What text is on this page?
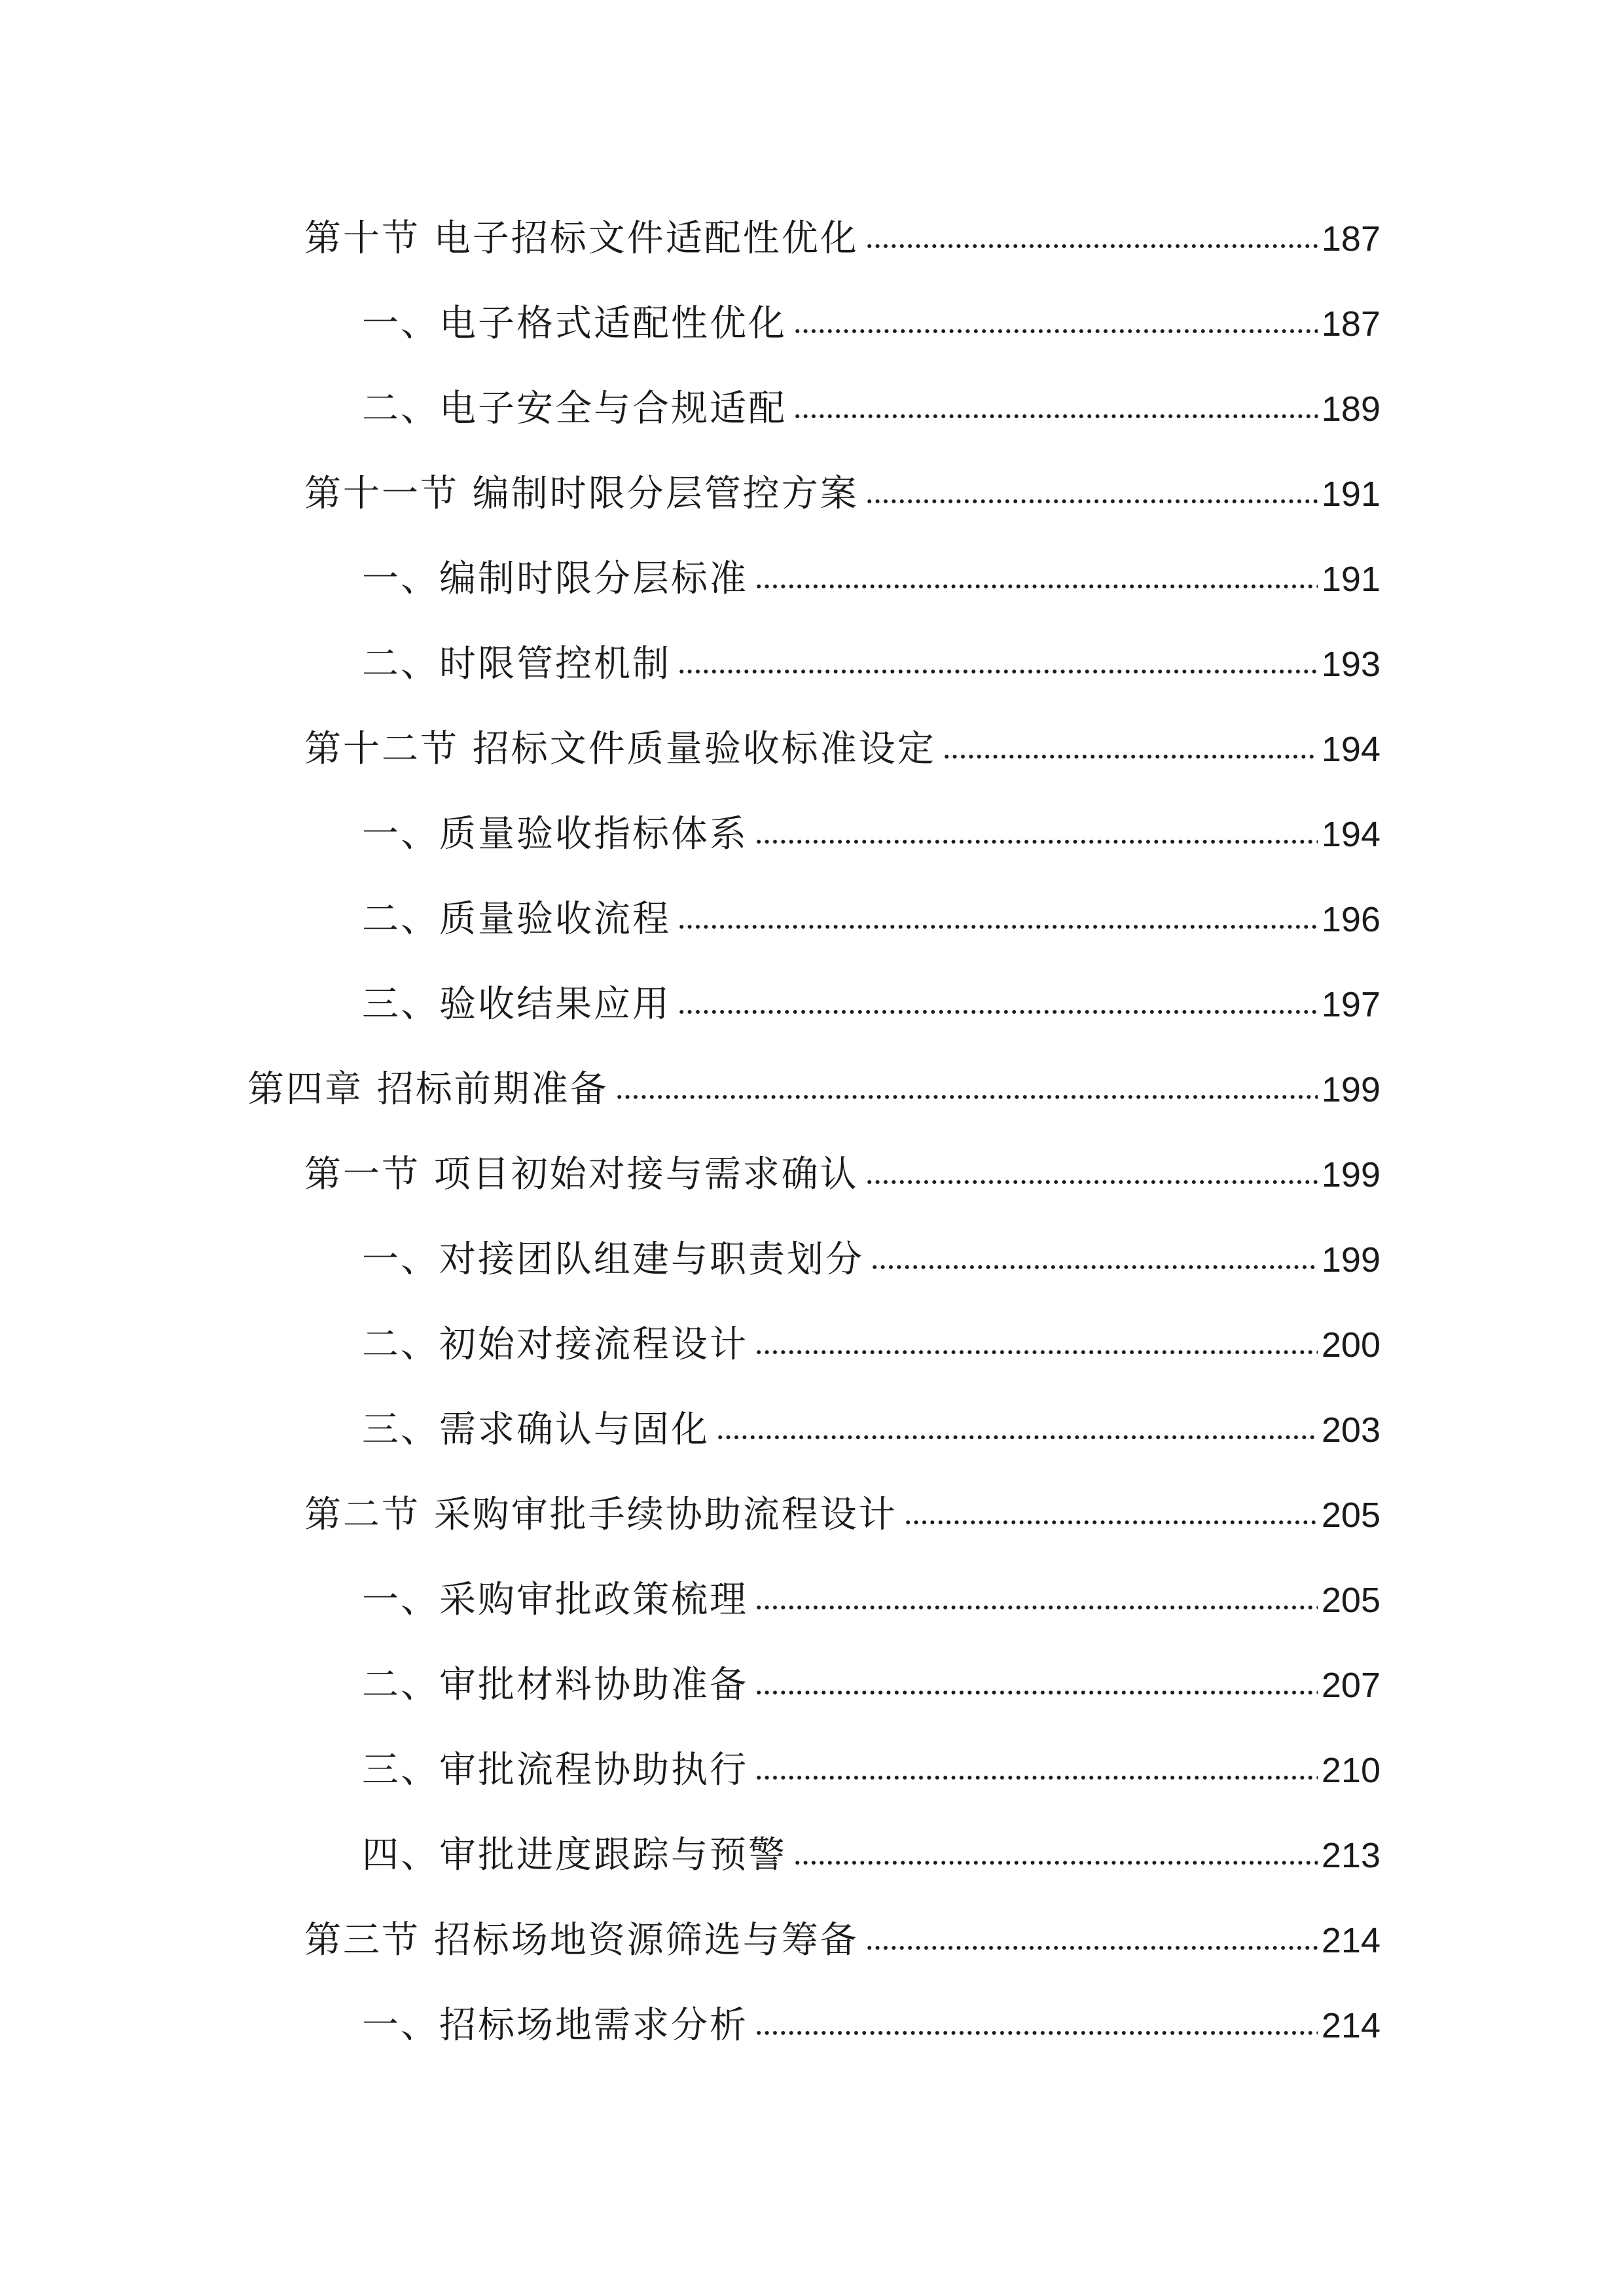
第十节 电子招标文件适配性优化	187
一、电子格式适配性优化	187
二、电子安全与合规适配	189
第十一节 编制时限分层管控方案	191
一、编制时限分层标准	191
二、时限管控机制	193
第十二节 招标文件质量验收标准设定	194
一、质量验收指标体系	194
二、质量验收流程	196
三、验收结果应用	197
第四章 招标前期准备	199
第一节 项目初始对接与需求确认	199
一、对接团队组建与职责划分	199
二、初始对接流程设计	200
三、需求确认与固化	203
第二节 采购审批手续协助流程设计	205
一、采购审批政策梳理	205
二、审批材料协助准备	207
三、审批流程协助执行	210
四、审批进度跟踪与预警	213
第三节 招标场地资源筛选与筹备	214
一、招标场地需求分析	214
